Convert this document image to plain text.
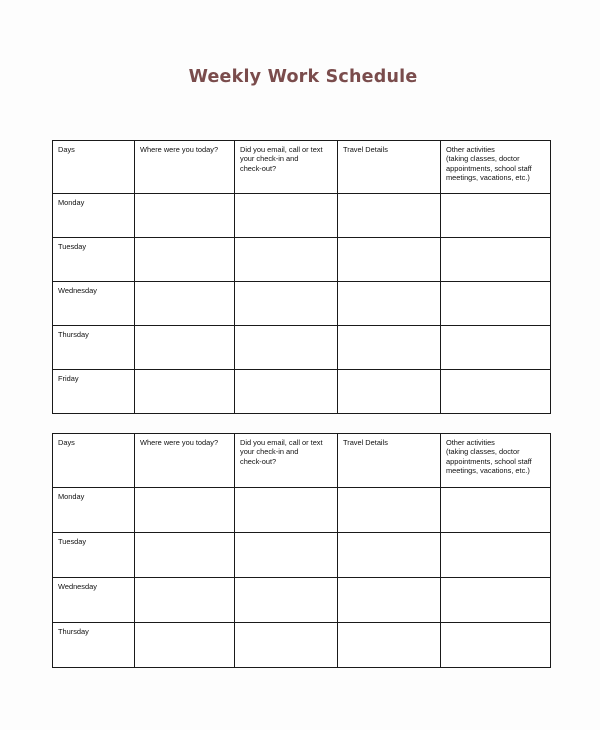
Weekly Work Schedule
Days	Where were you today?	Did you email, call or text
your check-in and
check-out?	Travel Details	Other activities
(taking classes, doctor
appointments, school staff
meetings, vacations, etc.)

Monday				

Tuesday				

Wednesday				

Thursday				

Friday				

Days	Where were you today?	Did you email, call or text
your check-in and
check-out?	Travel Details	Other activities
(taking classes, doctor
appointments, school staff
meetings, vacations, etc.)

Monday				

Tuesday				

Wednesday				

Thursday				
